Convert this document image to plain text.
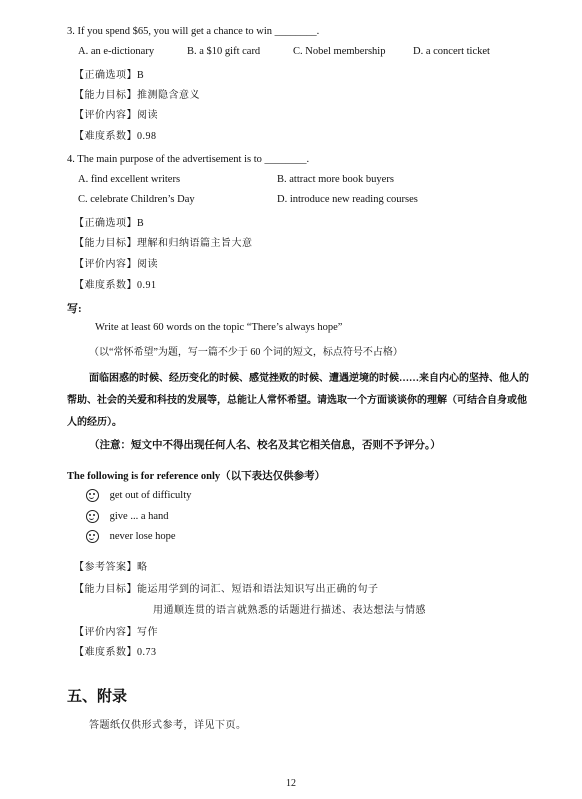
3. If you spend $65, you will get a chance to win ________.
A. an e-dictionary	B. a $10 gift card	C. Nobel membership	D. a concert ticket
【正确选项】B
【能力目标】推测隐含意义
【评价内容】阅读
【难度系数】0.98
4. The main purpose of the advertisement is to ________.
A. find excellent writers	B. attract more book buyers
C. celebrate Children’s Day	D. introduce new reading courses
【正确选项】B
【能力目标】理解和归纳语篇主旨大意
【评价内容】阅读
【难度系数】0.91
写:
Write at least 60 words on the topic “There’s always hope”
（以“常怀希望”为题，写一篇不少于 60 个词的短文，标点符号不占格）
面临困惑的时候、经历变化的时候、感觉挫败的时候、遭遇逆境的时候……来自内心的坚持、他人的帮助、社会的关爱和科技的发展等，总能让人常怀希望。请选取一个方面谈谈你的理解（可结合自身或他人的经历）。
（注意：短文中不得出现任何人名、校名及其它相关信息，否则不予评分。）
The following is for reference only（以下表达仅供参考）
get out of difficulty
give ... a hand
never lose hope
【参考答案】略
【能力目标】能运用学到的词汇、短语和语法知识写出正确的句子
用通顺连贯的语言就熟悉的话题进行描述、表达想法与情感
【评价内容】写作
【难度系数】0.73
五、附录
答题纸仅供形式参考，详见下页。
12
